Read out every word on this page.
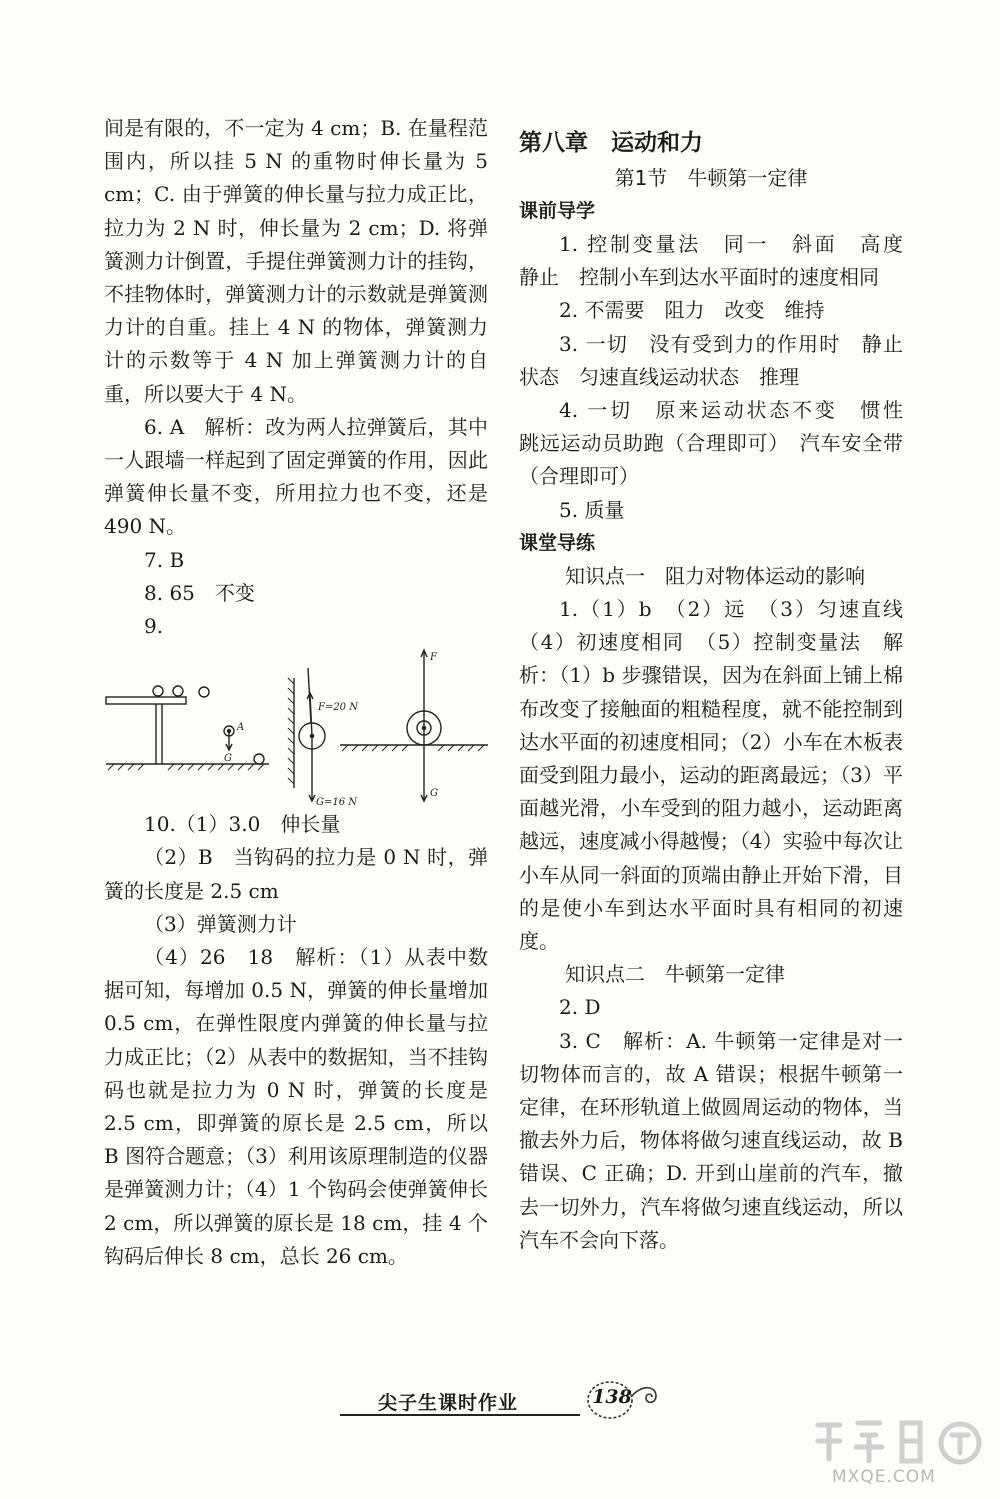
间是有限的，不一定为 4 cm；B. 在量程范围内，所以挂 5 N 的重物时伸长量为 5 cm；C. 由于弹簧的伸长量与拉力成正比，拉力为 2 N 时，伸长量为 2 cm；D. 将弹簧测力计倒置，手提住弹簧测力计的挂钩，不挂物体时，弹簧测力计的示数就是弹簧测力计的自重。挂上 4 N 的物体，弹簧测力计的示数等于 4 N 加上弹簧测力计的自重，所以要大于 4 N。

6. A　解析：改为两人拉弹簧后，其中一人跟墙一样起到了固定弹簧的作用，因此弹簧伸长量不变，所用拉力也不变，还是 490 N。

7. B

8. 65　不变

9.

A
G
F=20 N
G=16 N
F
G

10.（1）3.0　伸长量

（2）B　当钩码的拉力是 0 N 时，弹簧的长度是 2.5 cm

（3）弹簧测力计

（4）26　18　解析：（1）从表中数据可知，每增加 0.5 N，弹簧的伸长量增加 0.5 cm，在弹性限度内弹簧的伸长量与拉力成正比；（2）从表中的数据知，当不挂钩码也就是拉力为 0 N 时，弹簧的长度是 2.5 cm，即弹簧的原长是 2.5 cm，所以 B 图符合题意；（3）利用该原理制造的仪器是弹簧测力计；（4）1 个钩码会使弹簧伸长 2 cm，所以弹簧的原长是 18 cm，挂 4 个钩码后伸长 8 cm，总长 26 cm。

第八章　运动和力
第1节　牛顿第一定律
课前导学

1. 控制变量法　同一　斜面　高度　静止　控制小车到达水平面时的速度相同

2. 不需要　阻力　改变　维持

3. 一切　没有受到力的作用时　静止状态　匀速直线运动状态　推理

4. 一切　原来运动状态不变　惯性　跳远运动员助跑（合理即可）　汽车安全带（合理即可）

5. 质量

课堂导练

知识点一　阻力对物体运动的影响

1.（1）b　（2）远　（3）匀速直线　（4）初速度相同　（5）控制变量法　解析：（1）b 步骤错误，因为在斜面上铺上棉布改变了接触面的粗糙程度，就不能控制到达水平面的初速度相同；（2）小车在木板表面受到阻力最小，运动的距离最远；（3）平面越光滑，小车受到的阻力越小，运动距离越远，速度减小得越慢；（4）实验中每次让小车从同一斜面的顶端由静止开始下滑，目的是使小车到达水平面时具有相同的初速度。

知识点二　牛顿第一定律

2. D

3. C　解析：A. 牛顿第一定律是对一切物体而言的，故 A 错误；根据牛顿第一定律，在环形轨道上做圆周运动的物体，当撤去外力后，物体将做匀速直线运动，故 B 错误、C 正确；D. 开到山崖前的汽车，撤去一切外力，汽车将做匀速直线运动，所以汽车不会向下落。

尖子生课时作业	138
MXQE.COM
